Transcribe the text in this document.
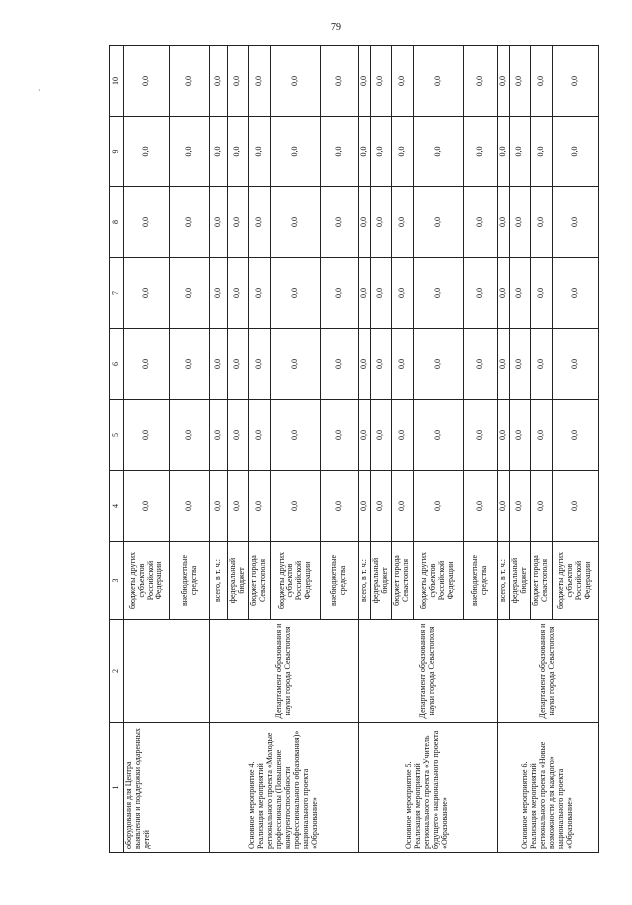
79
·
1	2	3	4	5	6	7	8	9	10
оборудования для Центра выявления и поддержки одаренных детей		бюджеты других субъектов Российской Федерации	0,0	0,0	0,0	0,0	0,0	0,0	0,0
		внебюджетные средства	0,0	0,0	0,0	0,0	0,0	0,0	0,0
Основное мероприятие 4. Реализация мероприятий регионального проекта «Молодые профессионалы (Повышение конкурентоспособности профессионального образования)» национального проекта «Образование»	Департамент образования и науки города Севастополя	всего, в т. ч.:	0,0	0,0	0,0	0,0	0,0	0,0	0,0
		федеральный бюджет	0,0	0,0	0,0	0,0	0,0	0,0	0,0
		бюджет города Севастополя	0,0	0,0	0,0	0,0	0,0	0,0	0,0
		бюджеты других субъектов Российской Федерации	0,0	0,0	0,0	0,0	0,0	0,0	0,0
		внебюджетные средства	0,0	0,0	0,0	0,0	0,0	0,0	0,0
Основное мероприятие 5. Реализация мероприятий регионального проекта «Учитель будущего» национального проекта «Образование»	Департамент образования и науки города Севастополя	всего, в т. ч.:	0,0	0,0	0,0	0,0	0,0	0,0	0,0
		федеральный бюджет	0,0	0,0	0,0	0,0	0,0	0,0	0,0
		бюджет города Севастополя	0,0	0,0	0,0	0,0	0,0	0,0	0,0
		бюджеты других субъектов Российской Федерации	0,0	0,0	0,0	0,0	0,0	0,0	0,0
		внебюджетные средства	0,0	0,0	0,0	0,0	0,0	0,0	0,0
Основное мероприятие 6. Реализация мероприятий регионального проекта «Новые возможности для каждого» национального проекта «Образование»	Департамент образования и науки города Севастополя	всего, в т. ч.:	0,0	0,0	0,0	0,0	0,0	0,0	0,0
		федеральный бюджет	0,0	0,0	0,0	0,0	0,0	0,0	0,0
		бюджет города Севастополя	0,0	0,0	0,0	0,0	0,0	0,0	0,0
		бюджеты других субъектов Российской Федерации	0,0	0,0	0,0	0,0	0,0	0,0	0,0
